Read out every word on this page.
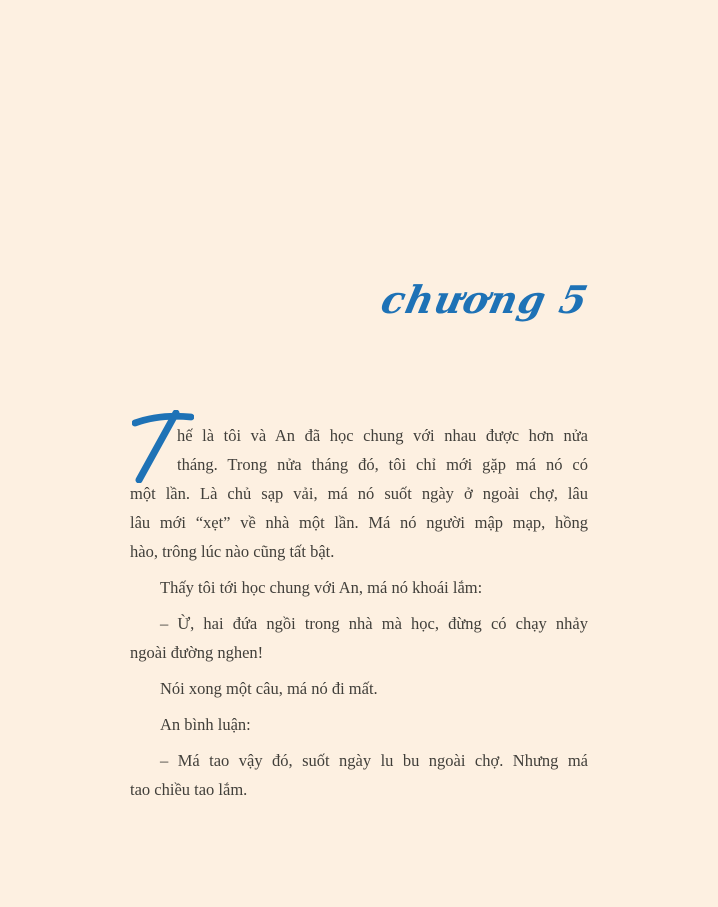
chương 5
hế là tôi và An đã học chung với nhau được hơn nửa
tháng. Trong nửa tháng đó, tôi chỉ mới gặp má nó có
một lần. Là chủ sạp vải, má nó suốt ngày ở ngoài chợ, lâu
lâu mới “xẹt” về nhà một lần. Má nó người mập mạp, hồng
hào, trông lúc nào cũng tất bật.
Thấy tôi tới học chung với An, má nó khoái lắm:
– Ừ, hai đứa ngồi trong nhà mà học, đừng có chạy nhảy
ngoài đường nghen!
Nói xong một câu, má nó đi mất.
An bình luận:
– Má tao vậy đó, suốt ngày lu bu ngoài chợ. Nhưng má
tao chiều tao lắm.
